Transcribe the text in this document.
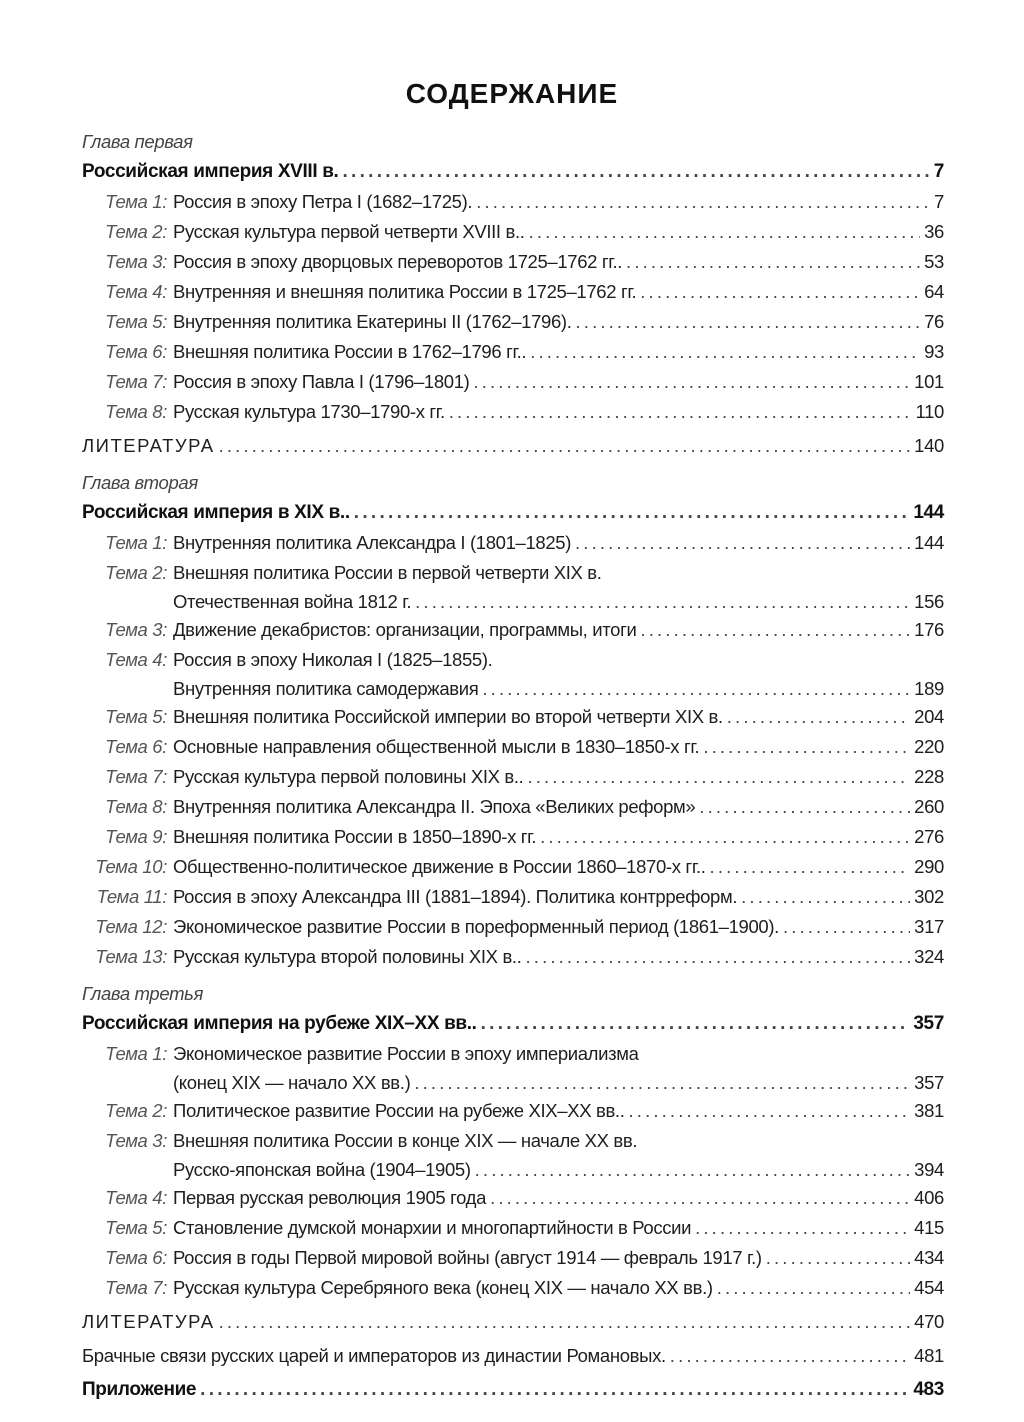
СОДЕРЖАНИЕ
Глава первая
Российская империя XVIII в. . . .	7
Тема 1: Россия в эпоху Петра I (1682–1725). . . .	7
Тема 2: Русская культура первой четверти XVIII в.. . . .	36
Тема 3: Россия в эпоху дворцовых переворотов 1725–1762 гг.. . . .	53
Тема 4: Внутренняя и внешняя политика России в 1725–1762 гг. . . .	64
Тема 5: Внутренняя политика Екатерины II (1762–1796). . . .	76
Тема 6: Внешняя политика России в 1762–1796 гг.. . . .	93
Тема 7: Россия в эпоху Павла I (1796–1801) . . .	101
Тема 8: Русская культура 1730–1790-х гг. . . .	110
ЛИТЕРАТУРА . . .	140
Глава вторая
Российская империя в XIX в.. . . .	144
Тема 1: Внутренняя политика Александра I (1801–1825) . . .	144
Тема 2: Внешняя политика России в первой четверти XIX в.
Отечественная война 1812 г. . . .	156
Тема 3: Движение декабристов: организации, программы, итоги . . .	176
Тема 4: Россия в эпоху Николая I (1825–1855).
Внутренняя политика самодержавия . . .	189
Тема 5: Внешняя политика Российской империи во второй четверти XIX в. . . .	204
Тема 6: Основные направления общественной мысли в 1830–1850-х гг. . . .	220
Тема 7: Русская культура первой половины XIX в.. . . .	228
Тема 8: Внутренняя политика Александра II. Эпоха «Великих реформ» . . .	260
Тема 9: Внешняя политика России в 1850–1890-х гг. . . .	276
Тема 10: Общественно-политическое движение в России 1860–1870-х гг.. . . .	290
Тема 11: Россия в эпоху Александра III (1881–1894). Политика контрреформ. . . .	302
Тема 12: Экономическое развитие России в пореформенный период (1861–1900). . . .	317
Тема 13: Русская культура второй половины XIX в.. . . .	324
Глава третья
Российская империя на рубеже XIX–XX вв.. . . .	357
Тема 1: Экономическое развитие России в эпоху империализма
(конец XIX — начало XX вв.) . . .	357
Тема 2: Политическое развитие России на рубеже XIX–XX вв.. . . .	381
Тема 3: Внешняя политика России в конце XIX — начале XX вв.
Русско-японская война (1904–1905) . . .	394
Тема 4: Первая русская революция 1905 года . . .	406
Тема 5: Становление думской монархии и многопартийности в России . . .	415
Тема 6: Россия в годы Первой мировой войны (август 1914 — февраль 1917 г.) . . .	434
Тема 7: Русская культура Серебряного века (конец XIX — начало XX вв.) . . .	454
ЛИТЕРАТУРА . . .	470
Брачные связи русских царей и императоров из династии Романовых. . . .	481
Приложение . . .	483
